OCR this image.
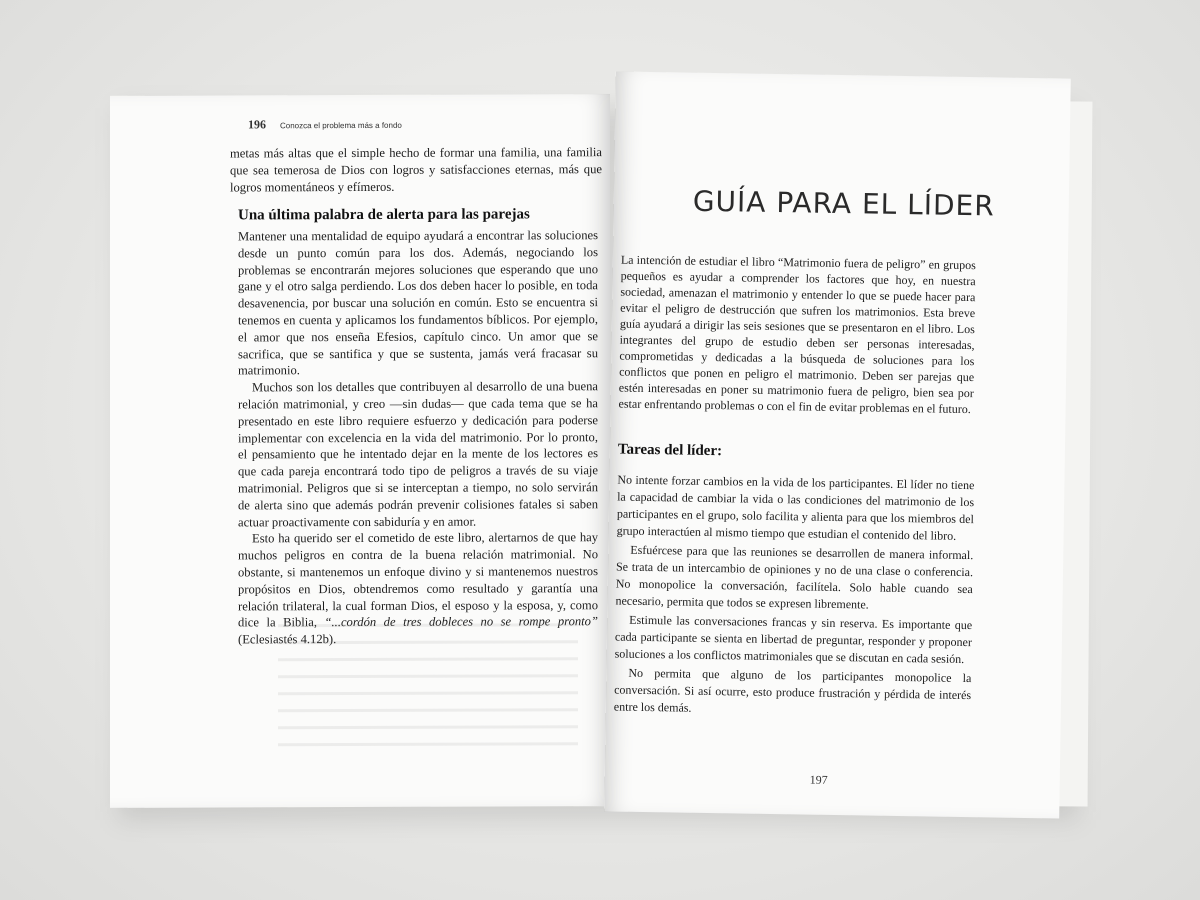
196 Conozca el problema más a fondo

metas más altas que el simple hecho de formar una familia, una familia que sea temerosa de Dios con logros y satisfacciones eternas, más que logros momentáneos y efímeros.

Una última palabra de alerta para las parejas

Mantener una mentalidad de equipo ayudará a encontrar las soluciones desde un punto común para los dos. Además, negociando los problemas se encontrarán mejores soluciones que esperando que uno gane y el otro salga perdiendo. Los dos deben hacer lo posible, en toda desavenencia, por buscar una solución en común. Esto se encuentra si tenemos en cuenta y aplicamos los fundamentos bíblicos. Por ejemplo, el amor que nos enseña Efesios, capítulo cinco. Un amor que se sacrifica, que se santifica y que se sustenta, jamás verá fracasar su matrimonio.

Muchos son los detalles que contribuyen al desarrollo de una buena relación matrimonial, y creo —sin dudas— que cada tema que se ha presentado en este libro requiere esfuerzo y dedicación para poderse implementar con excelencia en la vida del matrimonio. Por lo pronto, el pensamiento que he intentado dejar en la mente de los lectores es que cada pareja encontrará todo tipo de peligros a través de su viaje matrimonial. Peligros que si se interceptan a tiempo, no solo servirán de alerta sino que además podrán prevenir colisiones fatales si saben actuar proactivamente con sabiduría y en amor.

Esto ha querido ser el cometido de este libro, alertarnos de que hay muchos peligros en contra de la buena relación matrimonial. No obstante, si mantenemos un enfoque divino y si mantenemos nuestros propósitos en Dios, obtendremos como resultado y garantía una relación trilateral, la cual forman Dios, el esposo y la esposa, y, como dice la Biblia, “...cordón de tres dobleces no se rompe pronto” (Eclesiastés 4.12b).

GUÍA PARA EL LÍDER

La intención de estudiar el libro “Matrimonio fuera de peligro” en grupos pequeños es ayudar a comprender los factores que hoy, en nuestra sociedad, amenazan el matrimonio y entender lo que se puede hacer para evitar el peligro de destrucción que sufren los matrimonios. Esta breve guía ayudará a dirigir las seis sesiones que se presentaron en el libro. Los integrantes del grupo de estudio deben ser personas interesadas, comprometidas y dedicadas a la búsqueda de soluciones para los conflictos que ponen en peligro el matrimonio. Deben ser parejas que estén interesadas en poner su matrimonio fuera de peligro, bien sea por estar enfrentando problemas o con el fin de evitar problemas en el futuro.

Tareas del líder:

No intente forzar cambios en la vida de los participantes. El líder no tiene la capacidad de cambiar la vida o las condiciones del matrimonio de los participantes en el grupo, solo facilita y alienta para que los miembros del grupo interactúen al mismo tiempo que estudian el contenido del libro.

Esfuércese para que las reuniones se desarrollen de manera informal. Se trata de un intercambio de opiniones y no de una clase o conferencia. No monopolice la conversación, facilítela. Solo hable cuando sea necesario, permita que todos se expresen libremente.

Estimule las conversaciones francas y sin reserva. Es importante que cada participante se sienta en libertad de preguntar, responder y proponer soluciones a los conflictos matrimoniales que se discutan en cada sesión.

No permita que alguno de los participantes monopolice la conversación. Si así ocurre, esto produce frustración y pérdida de interés entre los demás.

197
